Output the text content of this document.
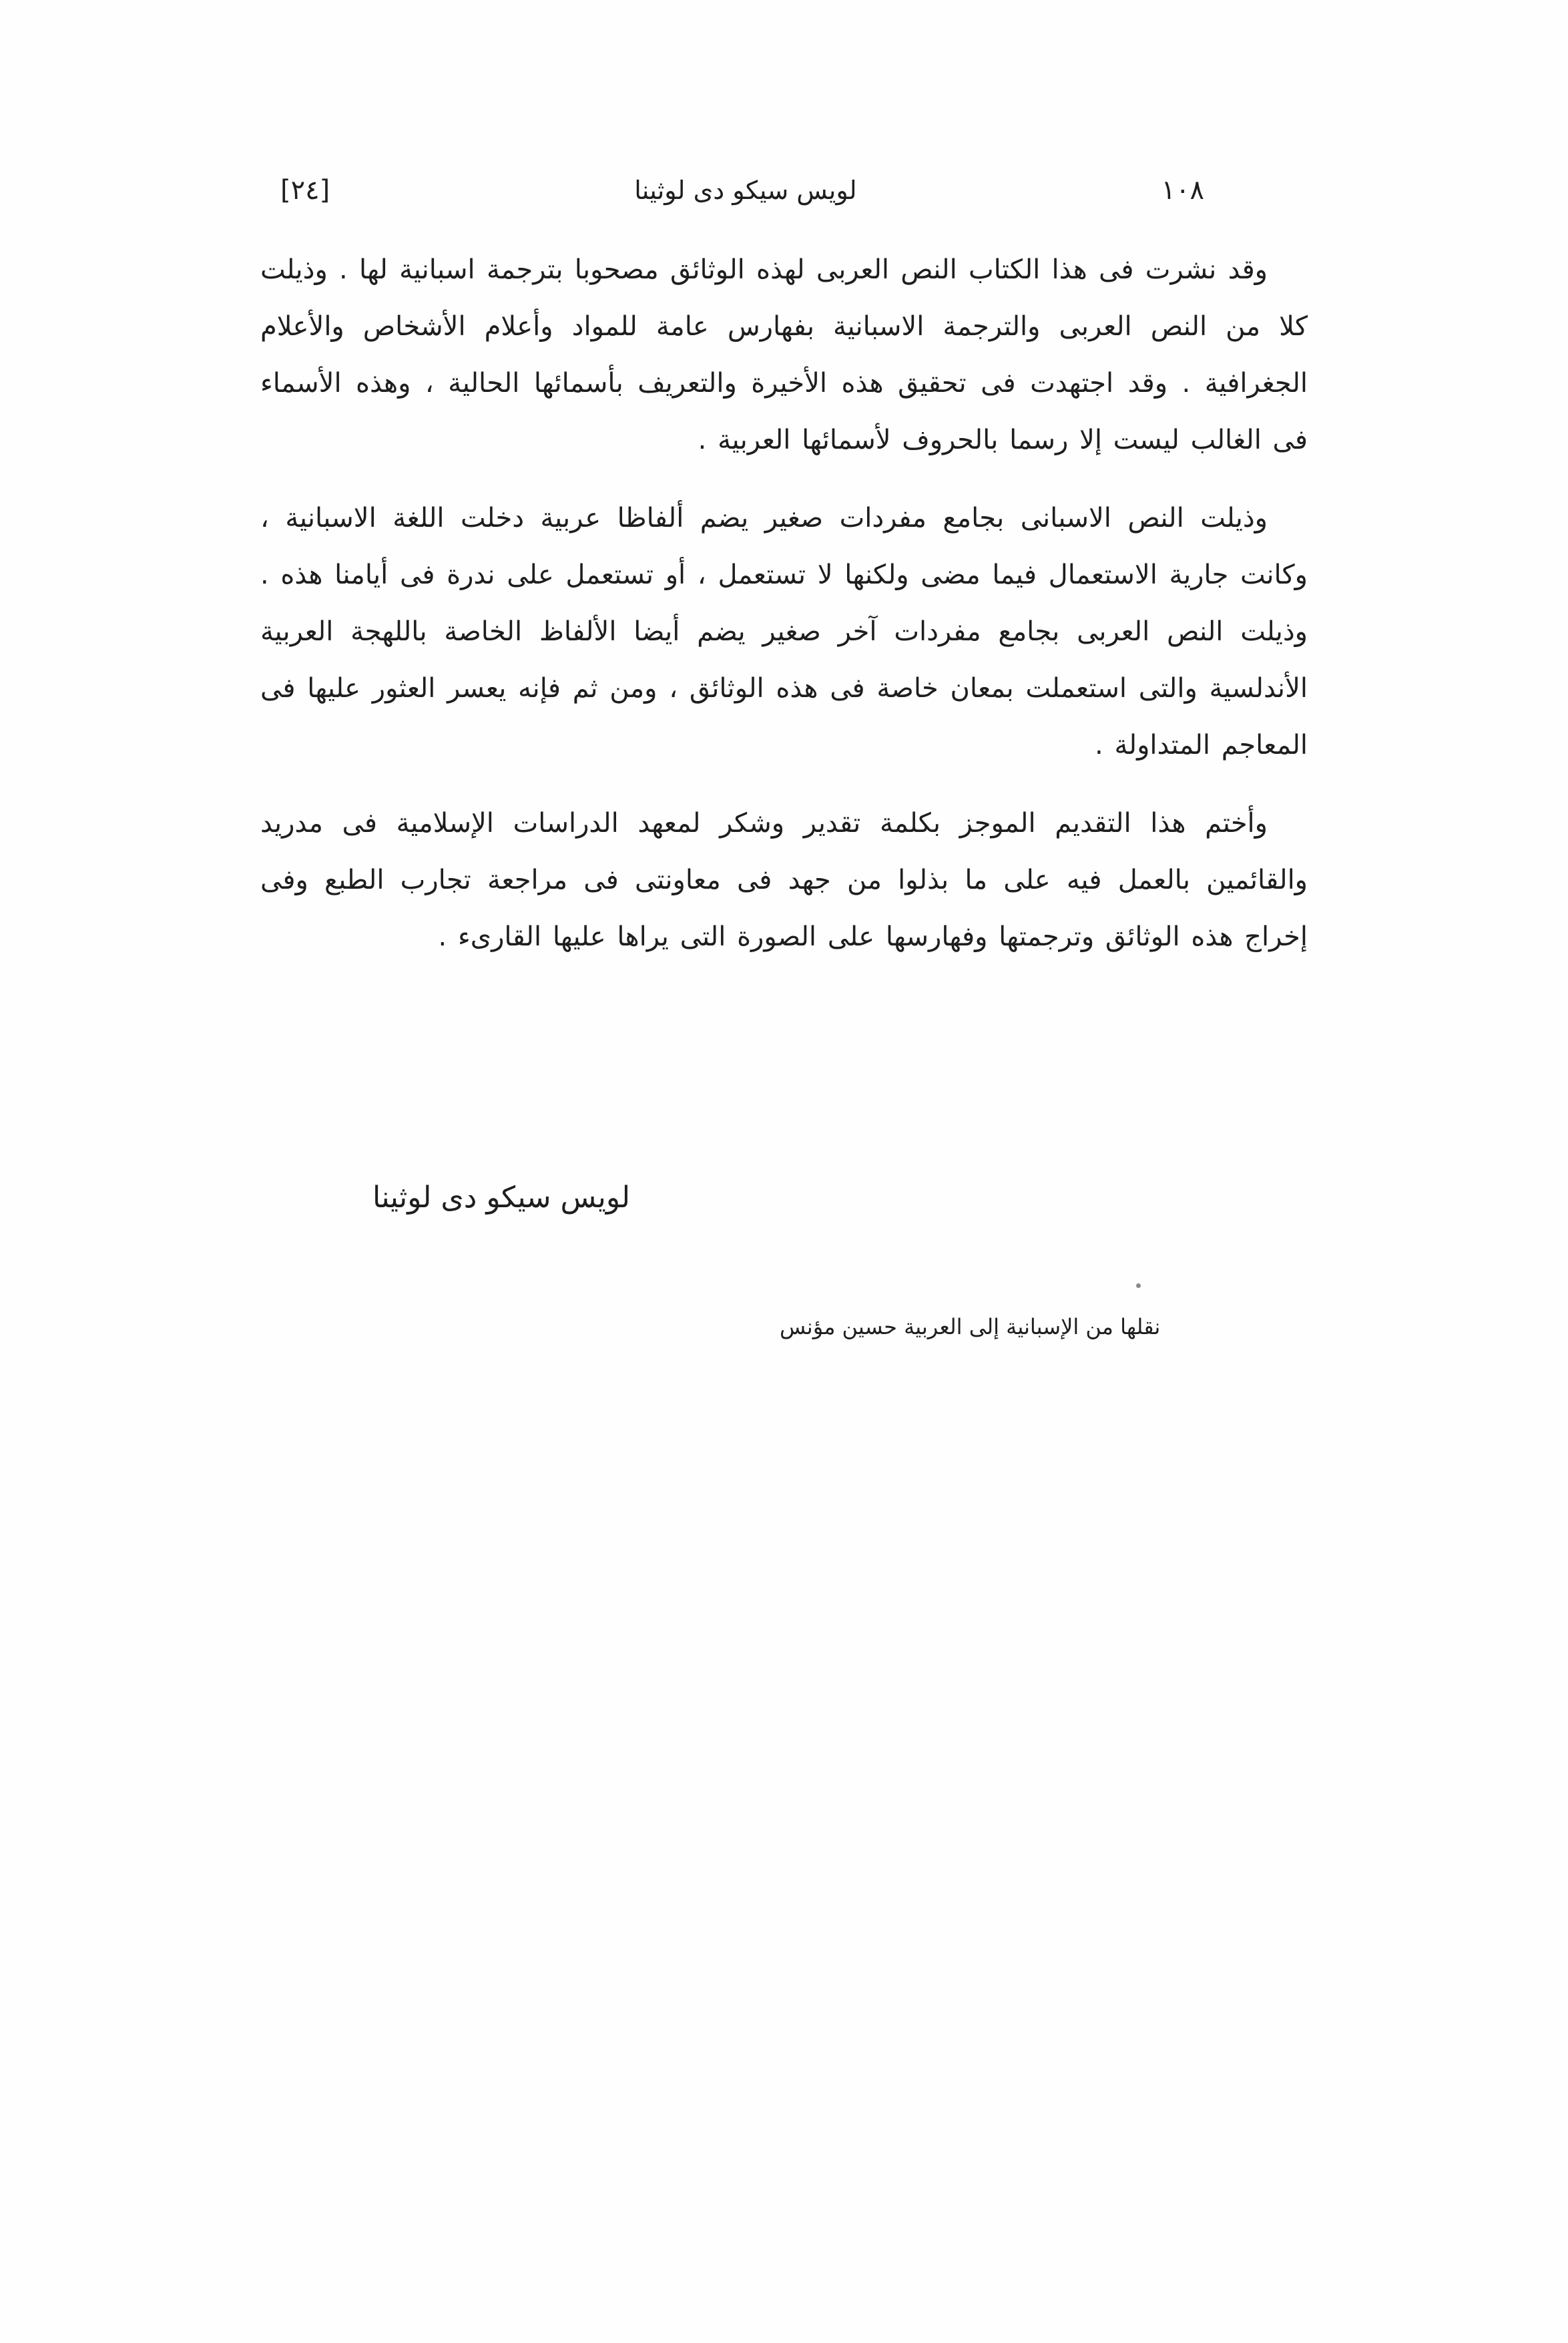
١٠٨
لويس سيكو دى لوثينا
[٢٤]

وقد نشرت فى هذا الكتاب النص العربى لهذه الوثائق مصحوبا بترجمة اسبانية لها . وذيلت كلا من النص العربى والترجمة الاسبانية بفهارس عامة للمواد وأعلام الأشخاص والأعلام الجغرافية . وقد اجتهدت فى تحقيق هذه الأخيرة والتعريف بأسمائها الحالية ، وهذه الأسماء فى الغالب ليست إلا رسما بالحروف لأسمائها العربية .

وذيلت النص الاسبانى بجامع مفردات صغير يضم ألفاظا عربية دخلت اللغة الاسبانية ، وكانت جارية الاستعمال فيما مضى ولكنها لا تستعمل ، أو تستعمل على ندرة فى أيامنا هذه . وذيلت النص العربى بجامع مفردات آخر صغير يضم أيضا الألفاظ الخاصة باللهجة العربية الأندلسية والتى استعملت بمعان خاصة فى هذه الوثائق ، ومن ثم فإنه يعسر العثور عليها فى المعاجم المتداولة .

وأختم هذا التقديم الموجز بكلمة تقدير وشكر لمعهد الدراسات الإسلامية فى مدريد والقائمين بالعمل فيه على ما بذلوا من جهد فى معاونتى فى مراجعة تجارب الطبع وفى إخراج هذه الوثائق وترجمتها وفهارسها على الصورة التى يراها عليها القارىء .

لويس سيكو دى لوثينا
نقلها من الإسبانية إلى العربية حسين مؤنس
